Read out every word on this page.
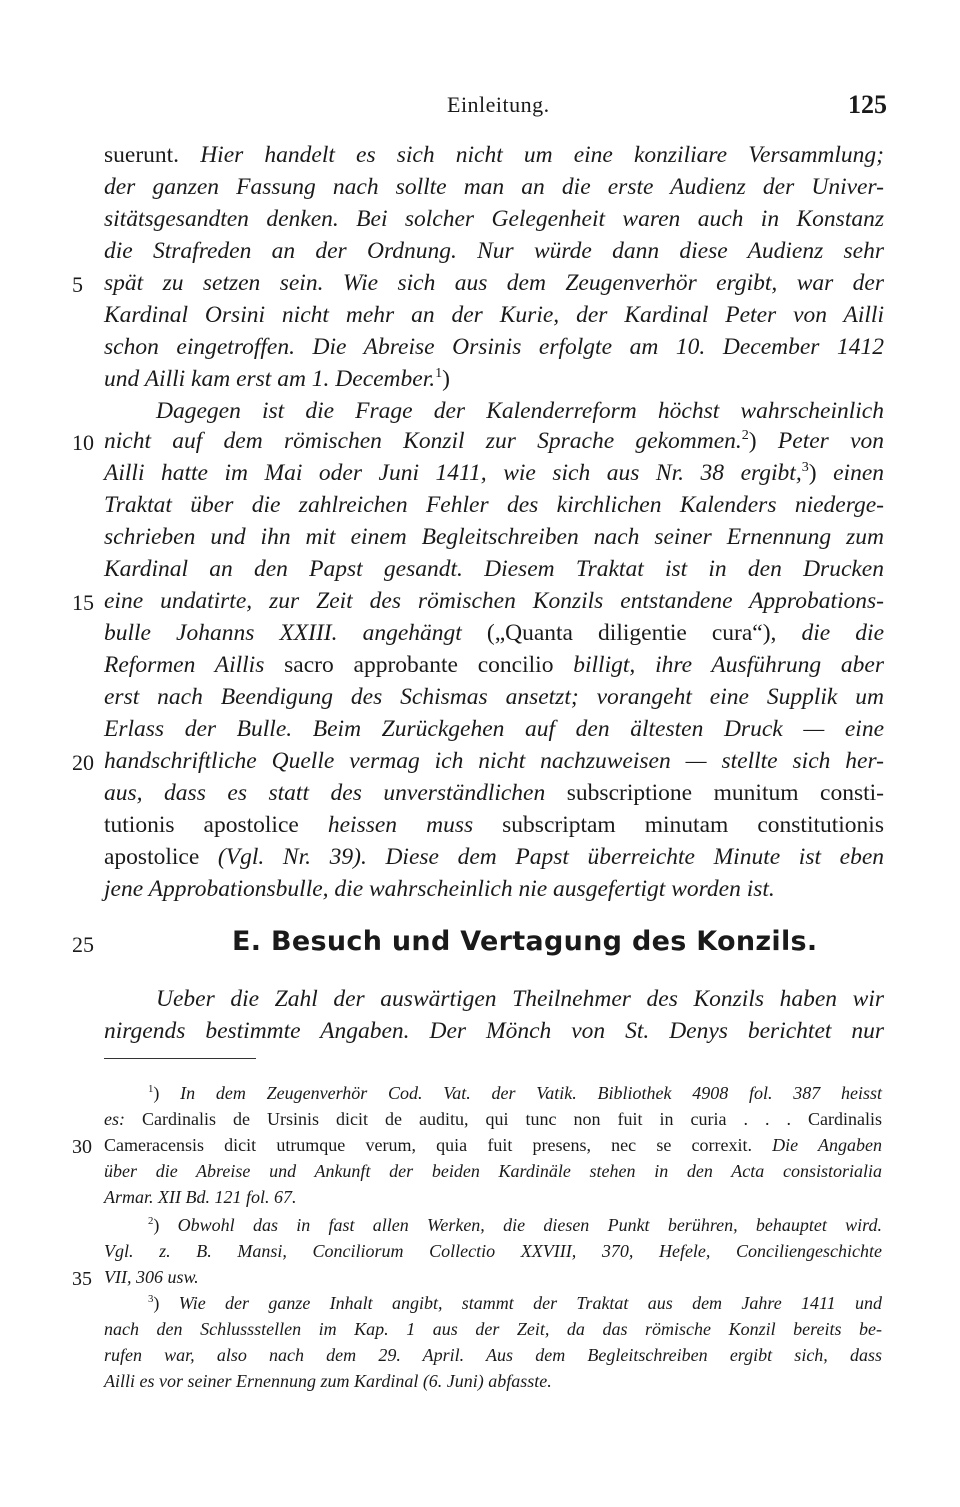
Einleitung.	125
suerunt. Hier handelt es sich nicht um eine konziliare Versammlung;
der ganzen Fassung nach sollte man an die erste Audienz der Univer-
sitätsgesandten denken. Bei solcher Gelegenheit waren auch in Konstanz
die Strafreden an der Ordnung. Nur würde dann diese Audienz sehr
5 spät zu setzen sein. Wie sich aus dem Zeugenverhör ergibt, war der
Kardinal Orsini nicht mehr an der Kurie, der Kardinal Peter von Ailli
schon eingetroffen. Die Abreise Orsinis erfolgte am 10. December 1412
und Ailli kam erst am 1. December.$^1$)
Dagegen ist die Frage der Kalenderreform höchst wahrscheinlich
10 nicht auf dem römischen Konzil zur Sprache gekommen.$^2$) Peter von
Ailli hatte im Mai oder Juni 1411, wie sich aus Nr. 38 ergibt,$^3$) einen
Traktat über die zahlreichen Fehler des kirchlichen Kalenders niederge-
schrieben und ihn mit einem Begleitschreiben nach seiner Ernennung zum
Kardinal an den Papst gesandt. Diesem Traktat ist in den Drucken
15 eine undatirte, zur Zeit des römischen Konzils entstandene Approbations-
bulle Johanns XXIII. angehängt („Quanta diligentie cura“), die die
Reformen Aillis sacro approbante concilio billigt, ihre Ausführung aber
erst nach Beendigung des Schismas ansetzt; vorangeht eine Supplik um
Erlass der Bulle. Beim Zurückgehen auf den ältesten Druck — eine
20 handschriftliche Quelle vermag ich nicht nachzuweisen — stellte sich her-
aus, dass es statt des unverständlichen subscriptione munitum consti-
tutionis apostolice heissen muss subscriptam minutam constitutionis
apostolice (Vgl. Nr. 39). Diese dem Papst überreichte Minute ist eben
jene Approbationsbulle, die wahrscheinlich nie ausgefertigt worden ist.
25	E. Besuch und Vertagung des Konzils.
Ueber die Zahl der auswärtigen Theilnehmer des Konzils haben wir
nirgends bestimmte Angaben. Der Mönch von St. Denys berichtet nur
$^1$) In dem Zeugenverhör Cod. Vat. der Vatik. Bibliothek 4908 fol. 387 heisst
es: Cardinalis de Ursinis dicit de auditu, qui tunc non fuit in curia . . . Cardinalis
30 Cameracensis dicit utrumque verum, quia fuit presens, nec se correxit. Die Angaben
über die Abreise und Ankunft der beiden Kardinäle stehen in den Acta consistorialia
Armar. XII Bd. 121 fol. 67.
$^2$) Obwohl das in fast allen Werken, die diesen Punkt berühren, behauptet wird.
Vgl. z. B. Mansi, Conciliorum Collectio XXVIII, 370, Hefele, Conciliengeschichte
35 VII, 306 usw.
$^3$) Wie der ganze Inhalt angibt, stammt der Traktat aus dem Jahre 1411 und
nach den Schlussstellen im Kap. 1 aus der Zeit, da das römische Konzil bereits be-
rufen war, also nach dem 29. April. Aus dem Begleitschreiben ergibt sich, dass
Ailli es vor seiner Ernennung zum Kardinal (6. Juni) abfasste.
